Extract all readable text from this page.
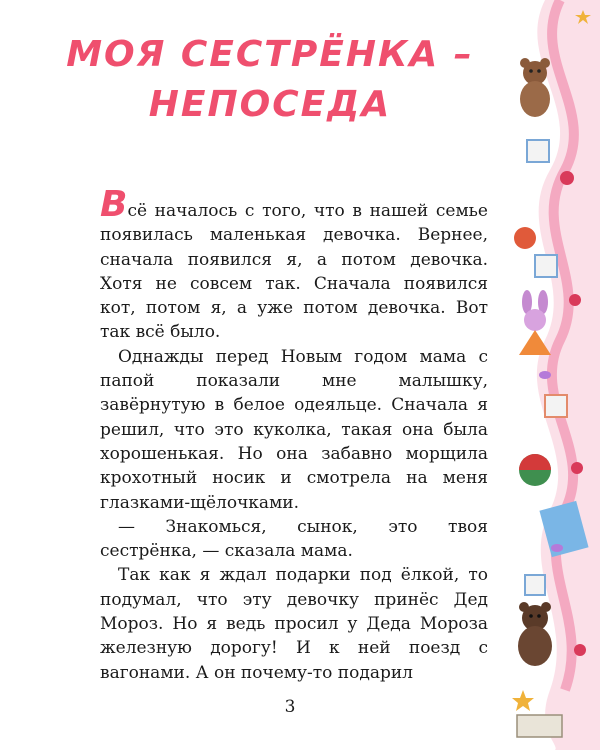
МОЯ СЕСТРЁНКА –
НЕПОСЕДА

Всё началось с того, что в нашей семье появилась маленькая девочка. Вернее, сначала появился я, а потом девочка. Хотя не совсем так. Сначала появился кот, потом я, а уже потом девочка. Вот так всё было.

Однажды перед Новым годом мама с папой показали мне малышку, завёрнутую в белое одеяльце. Сначала я решил, что это куколка, такая она была хорошенькая. Но она забавно морщила крохотный носик и смотрела на меня глазками-щёлочками.

— Знакомься, сынок, это твоя сестрёнка, — сказала мама.

Так как я ждал подарки под ёлкой, то подумал, что эту девочку принёс Дед Мороз. Но я ведь просил у Деда Мороза железную дорогу! И к ней поезд с вагонами. А он почему-то подарил

3
